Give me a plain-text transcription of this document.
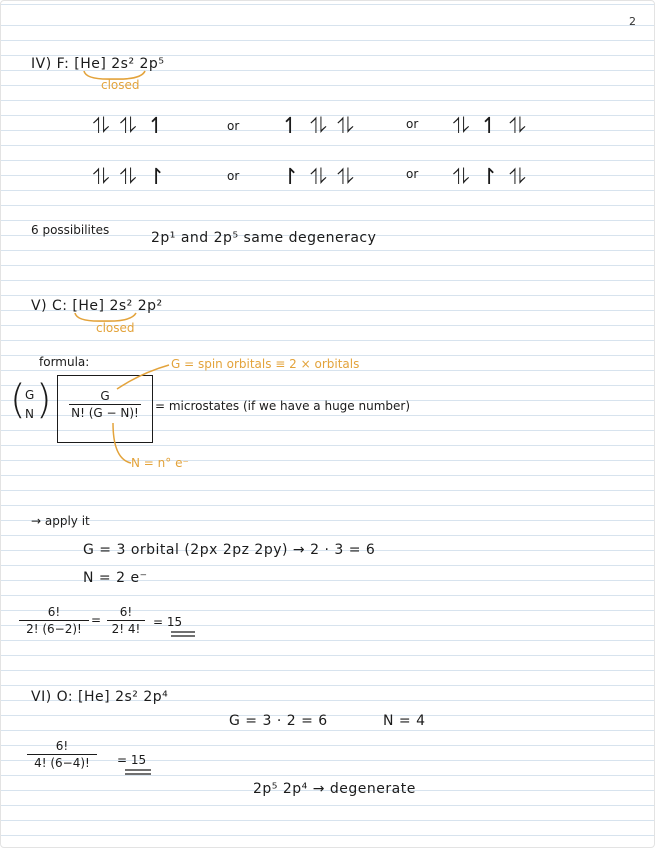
2
IV) F: [He] 2s² 2p⁵
closed
⥮ ⥮ ↿	or ↿ ⥮ ⥮	or ⥮ ↿ ⥮
⥮ ⥮ ↾	or ↾ ⥮ ⥮	or ⥮ ↾ ⥮
6 possibilites	2p¹ and 2p⁵ same degeneracy
V) C: [He] 2s² 2p²
closed
formula:	G = spin orbitals ≡ 2 × orbitals
( G
N ) $\frac{G}{N! (G - N)!}$ = microstates (if we have a huge number)
N = n° e⁻
→ apply it
G = 3 orbital (2px 2pz 2py) → 2 · 3 = 6
N = 2 e⁻
$\frac{6!}{2! (6-2)!} = \frac{6!}{2! 4!} = 15$
VI) O: [He] 2s² 2p⁴
G = 3 · 2 = 6	N = 4
$\frac{6!}{4! (6-4)!} = 15$
2p⁵ 2p⁴ → degenerate
